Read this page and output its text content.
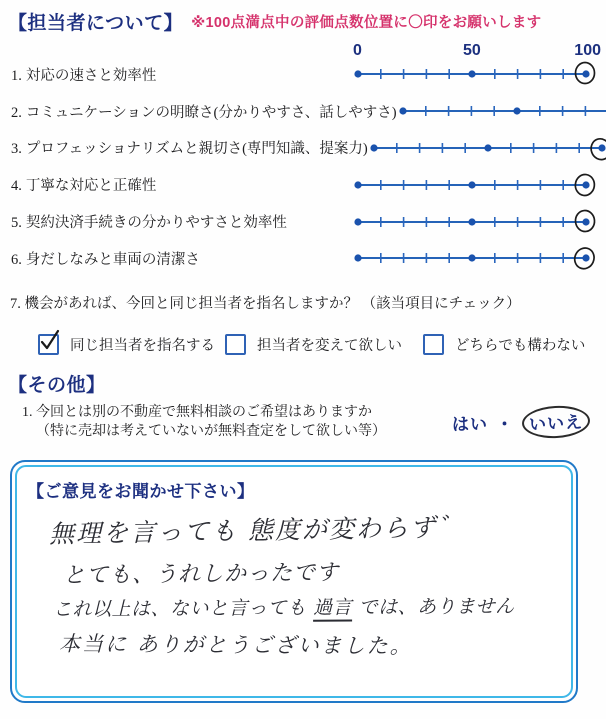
【担当者について】 ※100点満点中の評価点数位置に〇印をお願いします
0	50	100
1. 対応の速さと効率性
2. コミュニケーションの明瞭さ(分かりやすさ、話しやすさ)
3. プロフェッショナリズムと親切さ(専門知識、提案力)
4. 丁寧な対応と正確性
5. 契約決済手続きの分かりやすさと効率性
6. 身だしなみと車両の清潔さ
7. 機会があれば、今回と同じ担当者を指名しますか？ （該当項目にチェック）
同じ担当者を指名する	担当者を変えて欲しい	どちらでも構わない
【その他】
1. 今回とは別の不動産で無料相談のご希望はありますか
（特に売却は考えていないが無料査定をして欲しい等）	はい ・ いいえ
【ご意見をお聞かせ下さい】
無理を言っても 態度が変わらず゛
とても、うれしかったです
これ以上は、ないと言っても 過言 では、ありません
本当に ありがとうございました。
